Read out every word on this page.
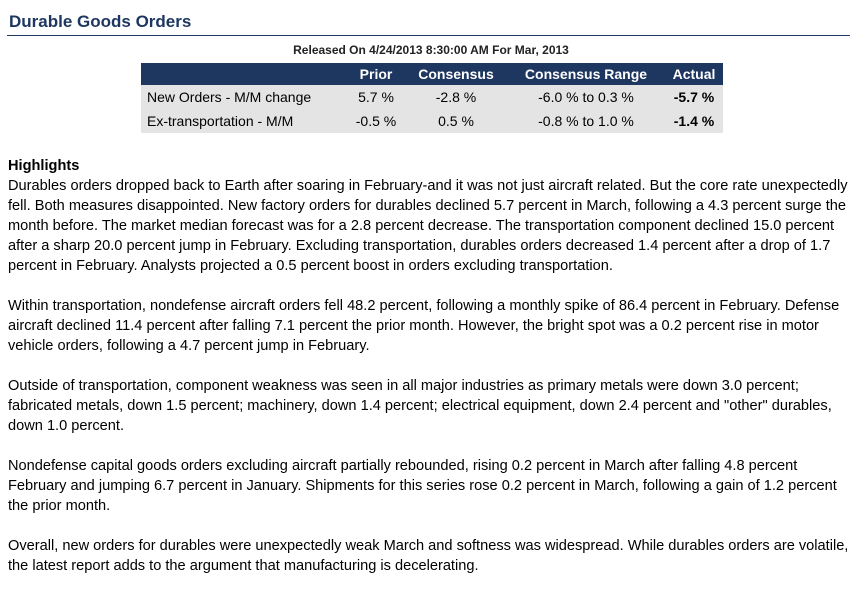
Durable Goods Orders
Released On 4/24/2013 8:30:00 AM For Mar, 2013
	Prior	Consensus	Consensus Range	Actual
New Orders - M/M change	5.7 %	-2.8 %	-6.0 % to 0.3 %	-5.7 %
Ex-transportation - M/M	-0.5 %	0.5 %	-0.8 % to 1.0 %	-1.4 %
Highlights

Durables orders dropped back to Earth after soaring in February-and it was not just aircraft related. But the core rate unexpectedly fell. Both measures disappointed. New factory orders for durables declined 5.7 percent in March, following a 4.3 percent surge the month before. The market median forecast was for a 2.8 percent decrease. The transportation component declined 15.0 percent after a sharp 20.0 percent jump in February. Excluding transportation, durables orders decreased 1.4 percent after a drop of 1.7 percent in February. Analysts projected a 0.5 percent boost in orders excluding transportation.

Within transportation, nondefense aircraft orders fell 48.2 percent, following a monthly spike of 86.4 percent in February. Defense aircraft declined 11.4 percent after falling 7.1 percent the prior month. However, the bright spot was a 0.2 percent rise in motor vehicle orders, following a 4.7 percent jump in February.

Outside of transportation, component weakness was seen in all major industries as primary metals were down 3.0 percent; fabricated metals, down 1.5 percent; machinery, down 1.4 percent; electrical equipment, down 2.4 percent and "other" durables, down 1.0 percent.

Nondefense capital goods orders excluding aircraft partially rebounded, rising 0.2 percent in March after falling 4.8 percent February and jumping 6.7 percent in January. Shipments for this series rose 0.2 percent in March, following a gain of 1.2 percent the prior month.

Overall, new orders for durables were unexpectedly weak March and softness was widespread. While durables orders are volatile, the latest report adds to the argument that manufacturing is decelerating.
